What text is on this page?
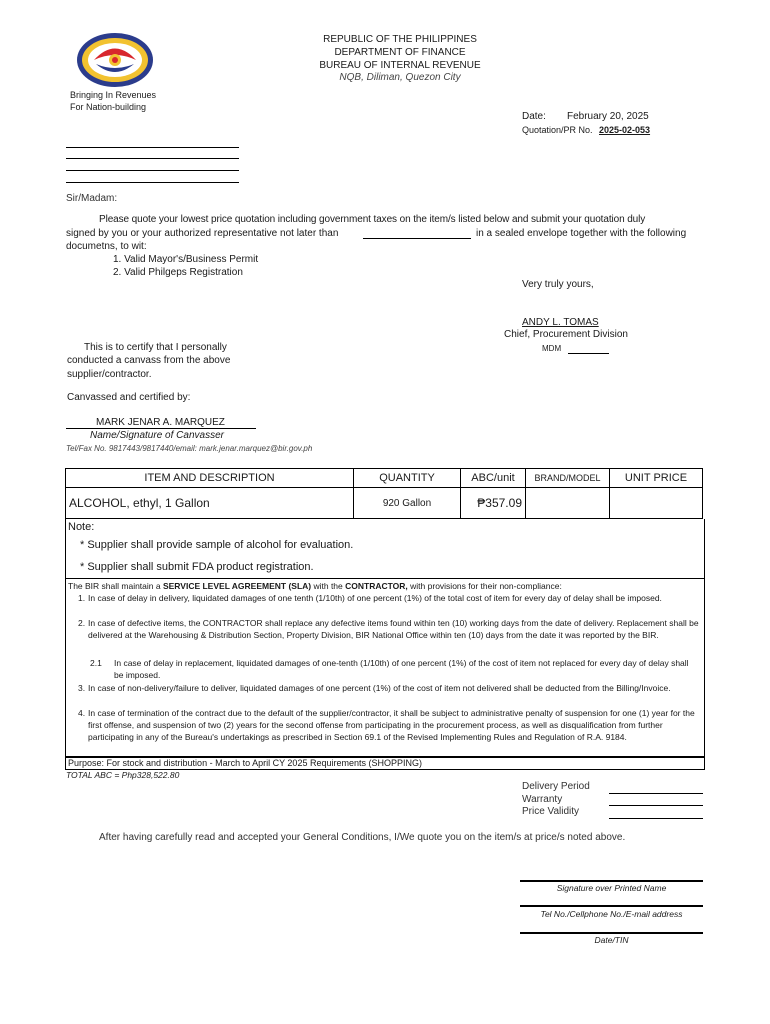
REPUBLIC OF THE PHILIPPINES
DEPARTMENT OF FINANCE
BUREAU OF INTERNAL REVENUE
NQB, Diliman, Quezon City
Bringing In Revenues
For Nation-building
Date: February 20, 2025
Quotation/PR No. 2025-02-053
Sir/Madam:
Please quote your lowest price quotation including government taxes on the item/s listed below and submit your quotation duly
signed by you or your authorized representative not later than	in a sealed envelope together with the following
documetns, to wit:
1. Valid Mayor's/Business Permit
2. Valid Philgeps Registration
Very truly yours,
ANDY L. TOMAS
Chief, Procurement Division
MDM
This is to certify that I personally
conducted a canvass from the above
supplier/contractor.
Canvassed and certified by:
MARK JENAR A. MARQUEZ
Name/Signature of Canvasser
Tel/Fax No. 9817443/9817440/email: mark.jenar.marquez@bir.gov.ph
ITEM AND DESCRIPTION	QUANTITY	ABC/unit	BRAND/MODEL	UNIT PRICE
ALCOHOL, ethyl, 1 Gallon	920 Gallon	₱357.09		
Note:
* Supplier shall provide sample of alcohol for evaluation.
* Supplier shall submit FDA product registration.
The BIR shall maintain a SERVICE LEVEL AGREEMENT (SLA) with the CONTRACTOR, with provisions for their non-compliance:
1. In case of delay in delivery, liquidated damages of one tenth (1/10th) of one percent (1%) of the total cost of item for every day of delay shall be imposed.
2. In case of defective items, the CONTRACTOR shall replace any defective items found within ten (10) working days from the date of delivery. Replacement shall be delivered at the Warehousing & Distribution Section, Property Division, BIR National Office within ten (10) days from the date it was reported by the BIR.
2.1 In case of delay in replacement, liquidated damages of one-tenth (1/10th) of one percent (1%) of the cost of item not replaced for every day of delay shall be imposed.
3. In case of non-delivery/failure to deliver, liquidated damages of one percent (1%) of the cost of item not delivered shall be deducted from the Billing/Invoice.
4. In case of termination of the contract due to the default of the supplier/contractor, it shall be subject to administrative penalty of suspension for one (1) year for the first offense, and suspension of two (2) years for the second offense from participating in the procurement process, as well as disqualification from further participating in any of the Bureau's undertakings as prescribed in Section 69.1 of the Revised Implementing Rules and Regulation of R.A. 9184.
Purpose: For stock and distribution - March to April CY 2025 Requirements (SHOPPING)
TOTAL ABC = Php328,522.80
Delivery Period
Warranty
Price Validity
After having carefully read and accepted your General Conditions, I/We quote you on the item/s at price/s noted above.
Signature over Printed Name
Tel No./Cellphone No./E-mail address
Date/TIN
